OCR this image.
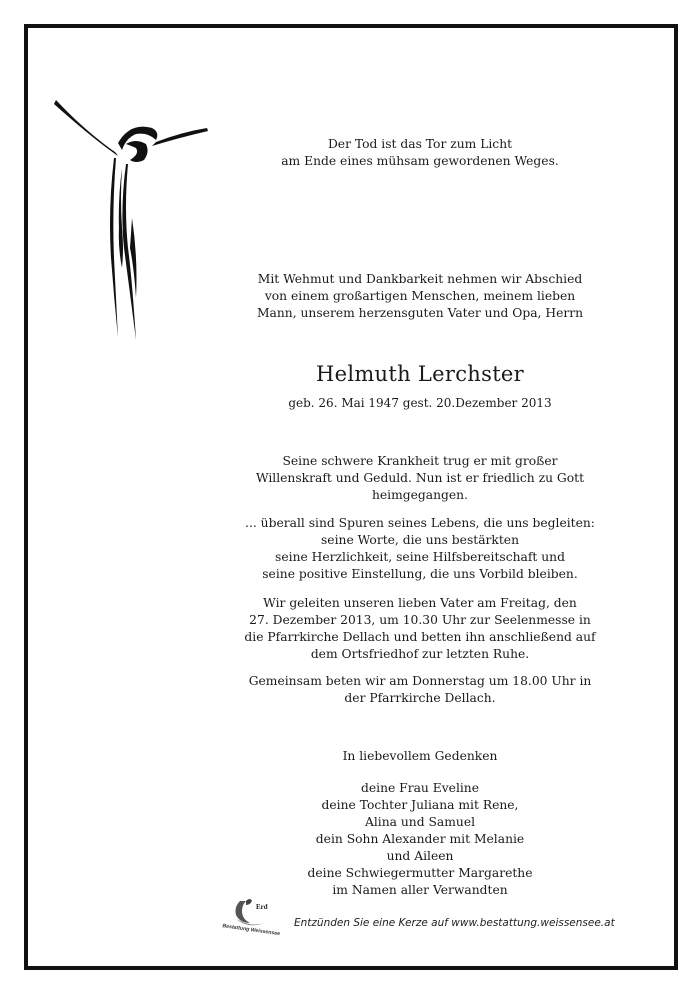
Der Tod ist das Tor zum Licht
am Ende eines mühsam gewordenen Weges.
Mit Wehmut und Dankbarkeit nehmen wir Abschied
von einem großartigen Menschen, meinem lieben
Mann, unserem herzensguten Vater und Opa, Herrn
Helmuth Lerchster
geb. 26. Mai 1947 gest. 20.Dezember 2013
Seine schwere Krankheit trug er mit großer
Willenskraft und Geduld. Nun ist er friedlich zu Gott
heimgegangen.
... überall sind Spuren seines Lebens, die uns begleiten:
seine Worte, die uns bestärkten
seine Herzlichkeit, seine Hilfsbereitschaft und
seine positive Einstellung, die uns Vorbild bleiben.
Wir geleiten unseren lieben Vater am Freitag, den
27. Dezember 2013, um 10.30 Uhr zur Seelenmesse in
die Pfarrkirche Dellach und betten ihn anschließend auf
dem Ortsfriedhof zur letzten Ruhe.
Gemeinsam beten wir am Donnerstag um 18.00 Uhr in
der Pfarrkirche Dellach.
In liebevollem Gedenken
deine Frau Eveline
deine Tochter Juliana mit Rene,
Alina und Samuel
dein Sohn Alexander mit Melanie
und Aileen
deine Schwiegermutter Margarethe
im Namen aller Verwandten
Erd
Bestattung Weissensee
Entzünden Sie eine Kerze auf www.bestattung.weissensee.at
